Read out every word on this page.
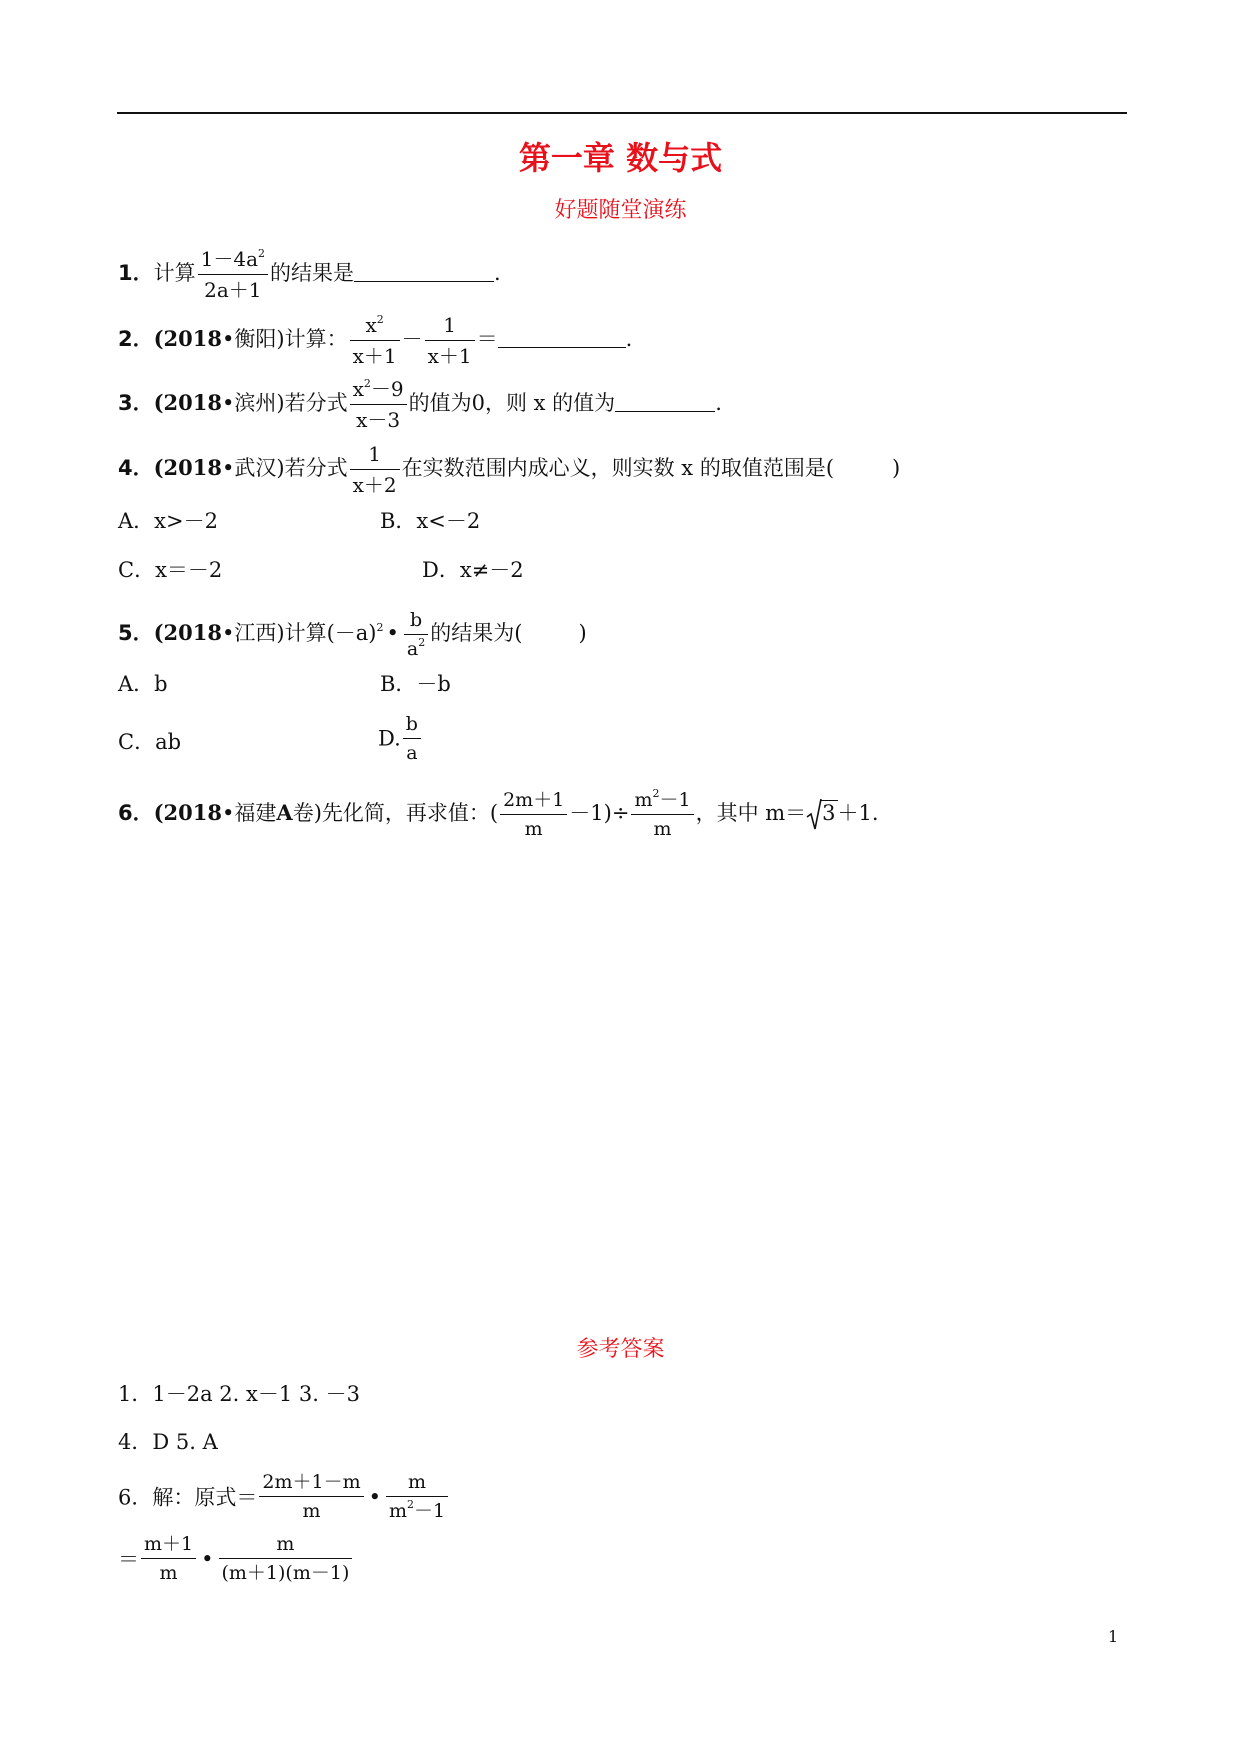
第一章 数与式
好题随堂演练
1．计算 $\frac{1-4a^2}{2a+1}$ 的结果是	.
2．(2018•衡阳)计算： $\frac{x^2}{x+1} - \frac{1}{x+1}$ ＝	.
3．(2018•滨州)若分式 $\frac{x^2-9}{x-3}$ 的值为0，则 x 的值为	.
4．(2018•武汉)若分式 $\frac{1}{x+2}$ 在实数范围内成心义，则实数 x 的取值范围是(	)
A．x>－2	B．x<－2
C．x＝－2	D．x≠－2
5．(2018•江西)计算$(-a)^2$ • $\frac{b}{a^2}$ 的结果为(	)
A．b	B．－b
C．ab	D. $\frac{b}{a}$
6．(2018•福建A卷)先化简，再求值：( $\frac{2m+1}{m} -1)\div \frac{m^2-1}{m}$ ，其中 m＝ 3＋1.
参考答案
1．1－2a 2. x－1 3. －3
4．D 5. A
6．解：原式＝ $\frac{2m+1-m}{m}$ • $\frac{m}{m^2-1}$
＝ $\frac{m+1}{m}$ • $\frac{m}{(m+1)(m-1)}$
1
